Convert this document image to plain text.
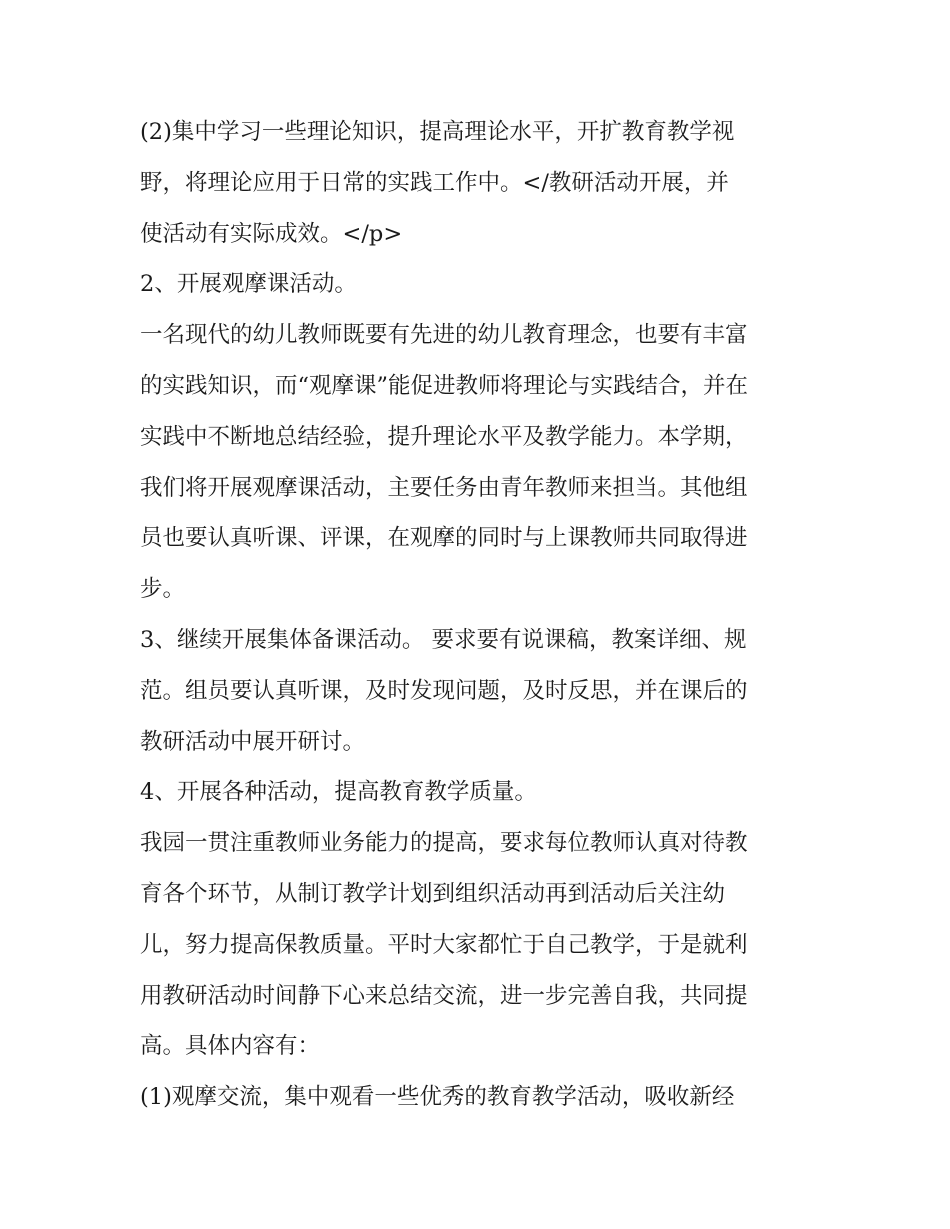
(2)集中学习一些理论知识，提高理论水平，开扩教育教学视
野，将理论应用于日常的实践工作中。</教研活动开展，并
使活动有实际成效。</p>

2、开展观摩课活动。

一名现代的幼儿教师既要有先进的幼儿教育理念，也要有丰富
的实践知识，而“观摩课”能促进教师将理论与实践结合，并在
实践中不断地总结经验，提升理论水平及教学能力。本学期，
我们将开展观摩课活动，主要任务由青年教师来担当。其他组
员也要认真听课、评课，在观摩的同时与上课教师共同取得进
步。

3、继续开展集体备课活动。 要求要有说课稿，教案详细、规
范。组员要认真听课，及时发现问题，及时反思，并在课后的
教研活动中展开研讨。

4、开展各种活动，提高教育教学质量。

我园一贯注重教师业务能力的提高，要求每位教师认真对待教
育各个环节，从制订教学计划到组织活动再到活动后关注幼
儿，努力提高保教质量。平时大家都忙于自己教学，于是就利
用教研活动时间静下心来总结交流，进一步完善自我，共同提
高。具体内容有：

(1)观摩交流，集中观看一些优秀的教育教学活动，吸收新经
